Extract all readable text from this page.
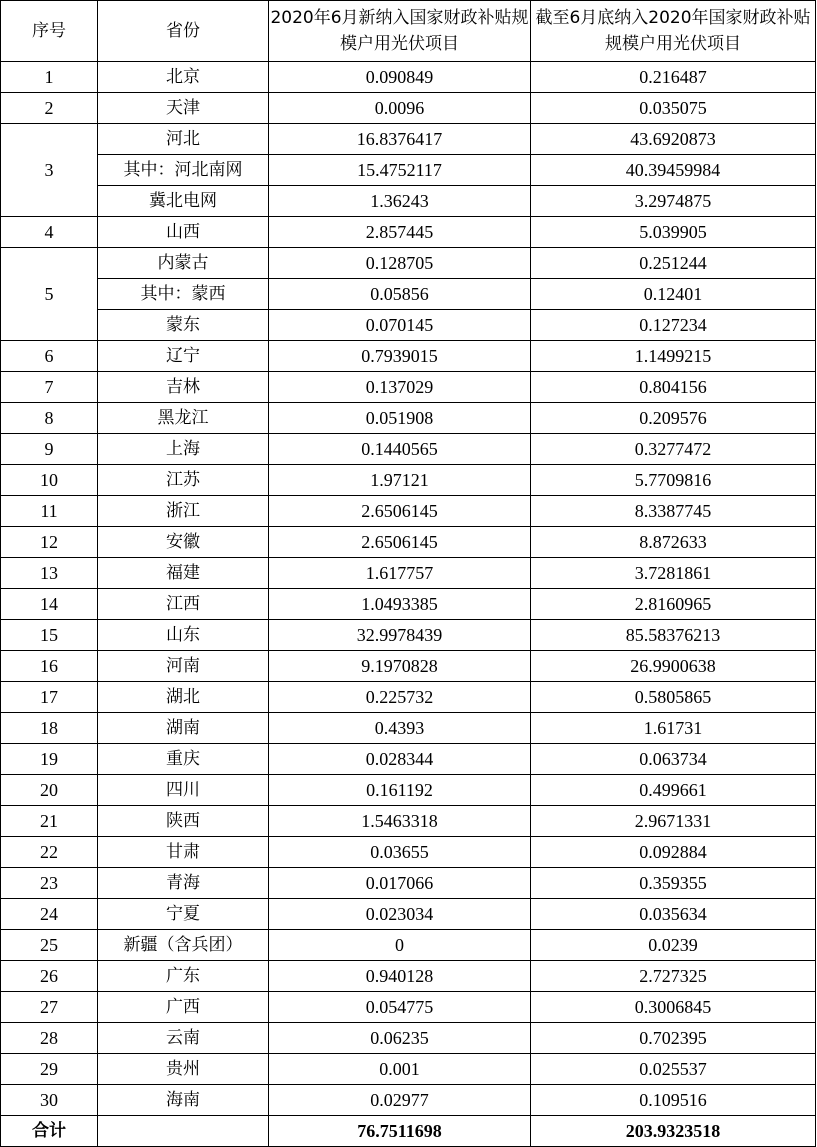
序号	省份	2020年6月新纳入国家财政补贴规模户用光伏项目	截至6月底纳入2020年国家财政补贴规模户用光伏项目
1	北京	0.090849	0.216487
2	天津	0.0096	0.035075
3	河北	16.8376417	43.6920873
	其中：河北南网	15.4752117	40.39459984
	冀北电网	1.36243	3.2974875
4	山西	2.857445	5.039905
5	内蒙古	0.128705	0.251244
	其中：蒙西	0.05856	0.12401
	蒙东	0.070145	0.127234
6	辽宁	0.7939015	1.1499215
7	吉林	0.137029	0.804156
8	黑龙江	0.051908	0.209576
9	上海	0.1440565	0.3277472
10	江苏	1.97121	5.7709816
11	浙江	2.6506145	8.3387745
12	安徽	2.6506145	8.872633
13	福建	1.617757	3.7281861
14	江西	1.0493385	2.8160965
15	山东	32.9978439	85.58376213
16	河南	9.1970828	26.9900638
17	湖北	0.225732	0.5805865
18	湖南	0.4393	1.61731
19	重庆	0.028344	0.063734
20	四川	0.161192	0.499661
21	陕西	1.5463318	2.9671331
22	甘肃	0.03655	0.092884
23	青海	0.017066	0.359355
24	宁夏	0.023034	0.035634
25	新疆（含兵团）	0	0.0239
26	广东	0.940128	2.727325
27	广西	0.054775	0.3006845
28	云南	0.06235	0.702395
29	贵州	0.001	0.025537
30	海南	0.02977	0.109516
合计		76.7511698	203.9323518
